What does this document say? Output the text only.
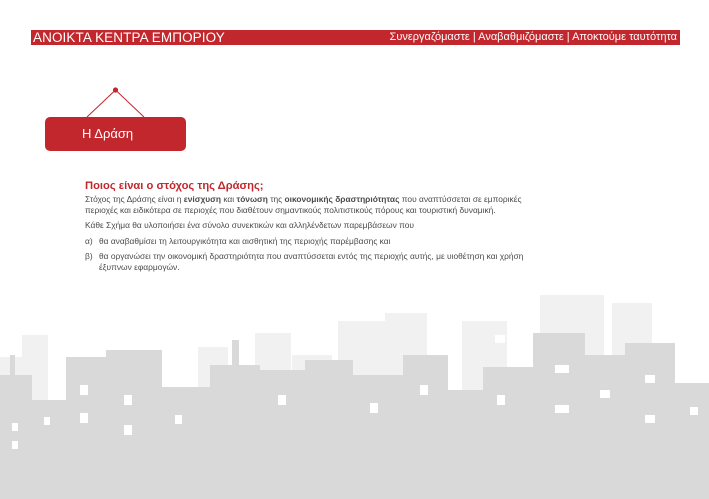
ΑΝΟΙΚΤΑ ΚΕΝΤΡΑ ΕΜΠΟΡΙΟΥ	Συνεργαζόμαστε | Αναβαθμιζόμαστε | Αποκτούμε ταυτότητα
Η Δράση
Ποιος είναι ο στόχος της Δράσης;

Στόχος της Δράσης είναι η ενίσχυση και τόνωση της οικονομικής δραστηριότητας που αναπτύσσεται σε εμπορικές περιοχές και ειδικότερα σε περιοχές που διαθέτουν σημαντικούς πολιτιστικούς πόρους και τουριστική δυναμική.

Κάθε Σχήμα θα υλοποιήσει ένα σύνολο συνεκτικών και αλληλένδετων παρεμβάσεων που

α) θα αναβαθμίσει τη λειτουργικότητα και αισθητική της περιοχής παρέμβασης και
β) θα οργανώσει την οικονομική δραστηριότητα που αναπτύσσεται εντός της περιοχής αυτής, με υιοθέτηση και χρήση έξυπνων εφαρμογών.
